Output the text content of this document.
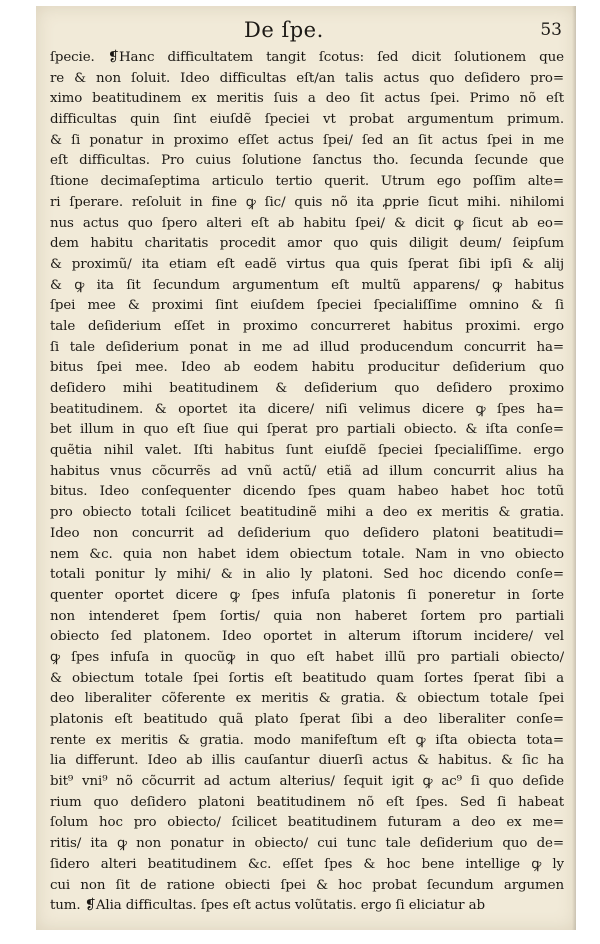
De ſpe.	53
ſpecie. ❡Hanc difficultatem tangit ſcotus: ſed dicit ſolutionem que
re & non ſoluit. Ideo difficultas eſt/an talis actus quo deſidero pro=
ximo beatitudinem ex meritis ſuis a deo ſit actus ſpei. Primo nõ eſt
difficultas quin ſint eiuſdẽ ſpeciei vt probat argumentum primum.
& ſi ponatur in proximo eſſet actus ſpei/ ſed an ſit actus ſpei in me
eſt difficultas. Pro cuius ſolutione ſanctus tho. ſecunda ſecunde que
ſtione decimaſeptima articulo tertio querit. Utrum ego poſſim alte=
ri ſperare. reſoluit in fine ꝙ ſic/ quis nõ ita ꝓprie ſicut mihi. nihilomi
nus actus quo ſpero alteri eſt ab habitu ſpei/ & dicit ꝙ ſicut ab eo=
dem habitu charitatis procedit amor quo quis diligit deum/ ſeipſum
& proximũ/ ita etiam eſt eadẽ virtus qua quis ſperat ſibi ipſi & alij
& ꝙ ita ſit ſecundum argumentum eſt multũ apparens/ ꝙ habitus
ſpei mee & proximi ſint eiuſdem ſpeciei ſpecialiſſime omnino & ſi
tale deſiderium eſſet in proximo concurreret habitus proximi. ergo
ſi tale deſiderium ponat in me ad illud producendum concurrit ha=
bitus ſpei mee. Ideo ab eodem habitu producitur deſiderium quo
deſidero mihi beatitudinem & deſiderium quo deſidero proximo
beatitudinem. & oportet ita dicere/ niſi velimus dicere ꝙ ſpes ha=
bet illum in quo eſt ſiue qui ſperat pro partiali obiecto. & iſta conſe=
quẽtia nihil valet. Iſti habitus ſunt eiuſdẽ ſpeciei ſpecialiſſime. ergo
habitus vnus cõcurrẽs ad vnũ actũ/ etiã ad illum concurrit alius ha
bitus. Ideo conſequenter dicendo ſpes quam habeo habet hoc totũ
pro obiecto totali ſcilicet beatitudinẽ mihi a deo ex meritis & gratia.
Ideo non concurrit ad deſiderium quo deſidero platoni beatitudi=
nem &c. quia non habet idem obiectum totale. Nam in vno obiecto
totali ponitur ly mihi/ & in alio ly platoni. Sed hoc dicendo conſe=
quenter oportet dicere ꝙ ſpes infuſa platonis ſi poneretur in ſorte
non intenderet ſpem ſortis/ quia non haberet ſortem pro partiali
obiecto ſed platonem. Ideo oportet in alterum iſtorum incidere/ vel
ꝙ ſpes infuſa in quocũꝙ in quo eſt habet illũ pro partiali obiecto/
& obiectum totale ſpei ſortis eſt beatitudo quam ſortes ſperat ſibi a
deo liberaliter cõferente ex meritis & gratia. & obiectum totale ſpei
platonis eſt beatitudo quã plato ſperat ſibi a deo liberaliter conſe=
rente ex meritis & gratia. modo manifeſtum eſt ꝙ iſta obiecta tota=
lia differunt. Ideo ab illis cauſantur diuerſi actus & habitus. & ſic ha
bit⁹ vni⁹ nõ cõcurrit ad actum alterius/ ſequit igit ꝙ ac⁹ ſi quo deſide
rium quo deſidero platoni beatitudinem nõ eſt ſpes. Sed ſi habeat
ſolum hoc pro obiecto/ ſcilicet beatitudinem futuram a deo ex me=
ritis/ ita ꝙ non ponatur in obiecto/ cui tunc tale deſiderium quo de=
ſidero alteri beatitudinem &c. eſſet ſpes & hoc bene intellige ꝙ ly
cui non ſit de ratione obiecti ſpei & hoc probat ſecundum argumen
tum. ❡Alia difficultas. ſpes eſt actus volũtatis. ergo ſi eliciatur ab
